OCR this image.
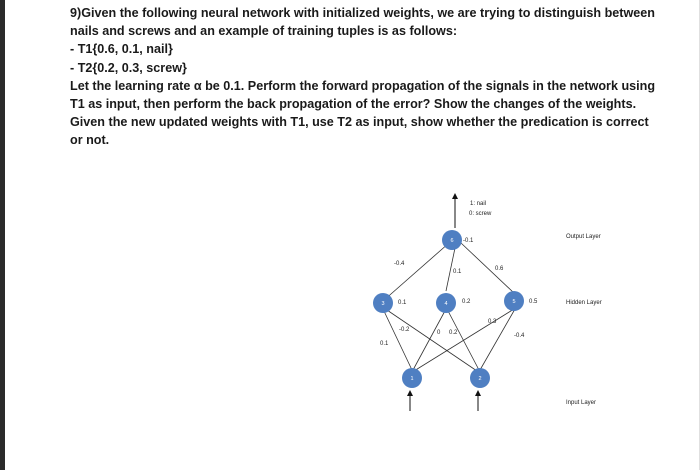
9)Given the following neural network with initialized weights, we are trying to distinguish between
nails and screws and an example of training tuples is as follows:
- T1{0.6, 0.1, nail}
- T2{0.2, 0.3, screw}
Let the learning rate α be 0.1. Perform the forward propagation of the signals in the network using
T1 as input, then perform the back propagation of the error? Show the changes of the weights.
Given the new updated weights with T1, use T2 as input, show whether the predication is correct
or not.
6
3	4	5
1	2
1: nail
0: screw
-0.1
0.1	0.2	0.5
-0.4
0.1	0.6
0.1
-0.2	0 0.2
0.3
-0.4
Output Layer
Hidden Layer
Input Layer
